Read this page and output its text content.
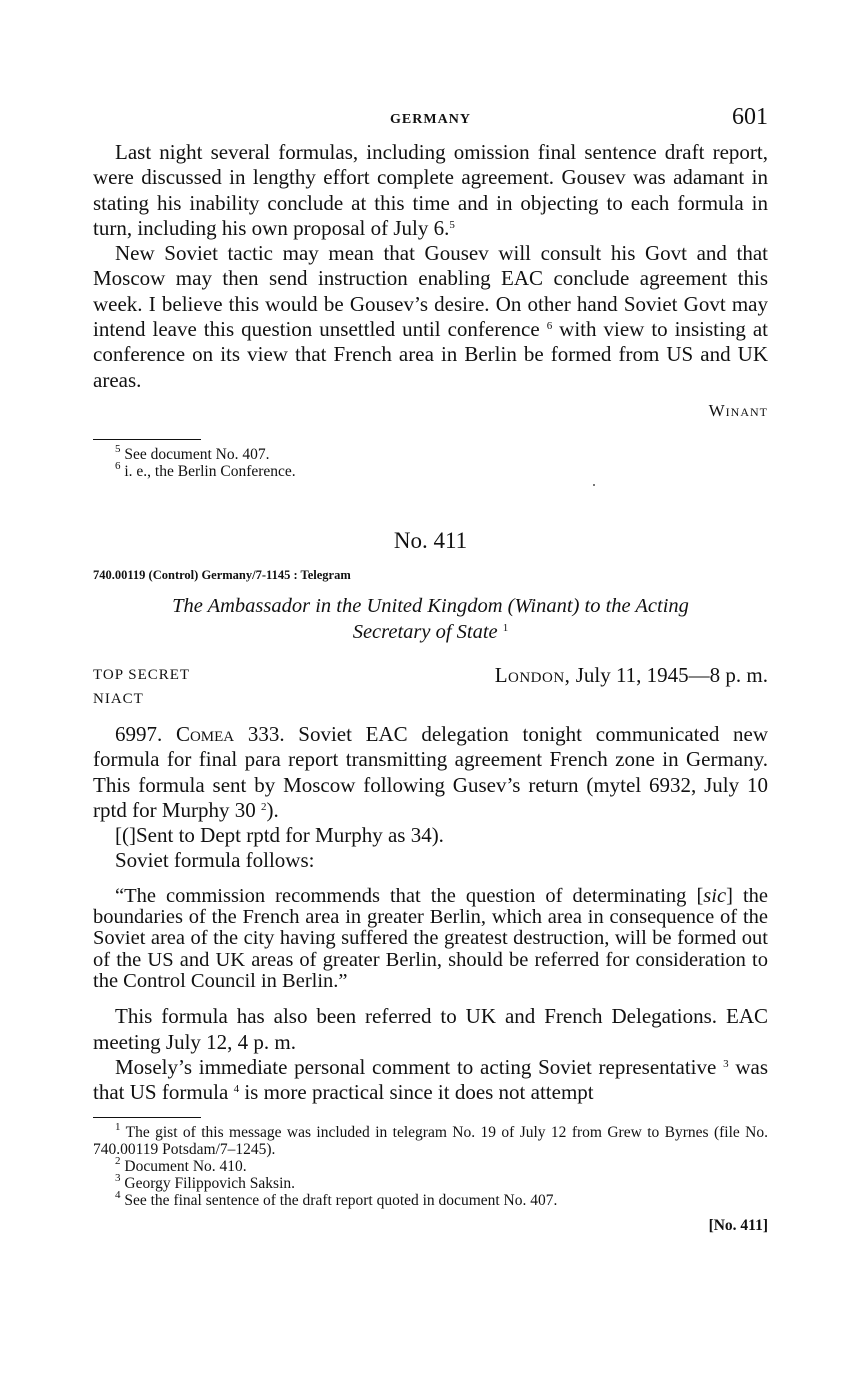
GERMANY	601

Last night several formulas, including omission final sentence draft report, were discussed in lengthy effort complete agreement. Gousev was adamant in stating his inability conclude at this time and in objecting to each formula in turn, including his own proposal of July 6.$^5$

New Soviet tactic may mean that Gousev will consult his Govt and that Moscow may then send instruction enabling EAC conclude agreement this week. I believe this would be Gousev’s desire. On other hand Soviet Govt may intend leave this question unsettled until conference $^6$ with view to insisting at conference on its view that French area in Berlin be formed from US and UK areas.

Winant

$^5$ See document No. 407.

$^6$ i. e., the Berlin Conference.

No. 411
740.00119 (Control) Germany/7-1145 : Telegram
The Ambassador in the United Kingdom (Winant) to the Acting
Secretary of State $^1$
TOP SECRET	London, July 11, 1945—8 p. m.
NIACT

6997. Comea 333. Soviet EAC delegation tonight communicated new formula for final para report transmitting agreement French zone in Germany. This formula sent by Moscow following Gusev’s return (mytel 6932, July 10 rptd for Murphy 30 $^2$).

[(]Sent to Dept rptd for Murphy as 34).

Soviet formula follows:

“The commission recommends that the question of determinating [sic] the boundaries of the French area in greater Berlin, which area in consequence of the Soviet area of the city having suffered the greatest destruction, will be formed out of the US and UK areas of greater Berlin, should be referred for consideration to the Control Council in Berlin.”

This formula has also been referred to UK and French Delegations. EAC meeting July 12, 4 p. m.

Mosely’s immediate personal comment to acting Soviet representative $^3$ was that US formula $^4$ is more practical since it does not attempt

$^1$ The gist of this message was included in telegram No. 19 of July 12 from Grew to Byrnes (file No. 740.00119 Potsdam/7–1245).

$^2$ Document No. 410.

$^3$ Georgy Filippovich Saksin.

$^4$ See the final sentence of the draft report quoted in document No. 407.

[No. 411]
